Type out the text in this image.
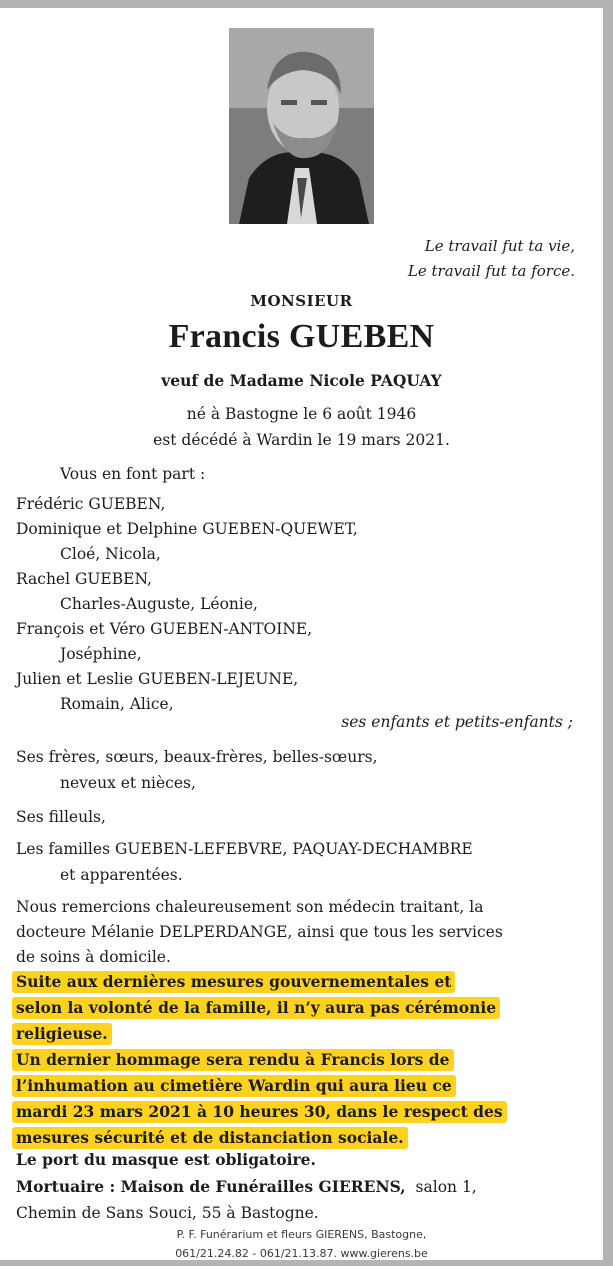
Le travail fut ta vie,
Le travail fut ta force.
MONSIEUR
Francis GUEBEN
veuf de Madame Nicole PAQUAY
né à Bastogne le 6 août 1946
est décédé à Wardin le 19 mars 2021.
Vous en font part :
Frédéric GUEBEN,
Dominique et Delphine GUEBEN-QUEWET,
Cloé, Nicola,
Rachel GUEBEN,
Charles-Auguste, Léonie,
François et Véro GUEBEN-ANTOINE,
Joséphine,
Julien et Leslie GUEBEN-LEJEUNE,
Romain, Alice,
ses enfants et petits-enfants ;
Ses frères, sœurs, beaux-frères, belles-sœurs,
neveux et nièces,
Ses filleuls,
Les familles GUEBEN-LEFEBVRE, PAQUAY-DECHAMBRE
et apparentées.
Nous remercions chaleureusement son médecin traitant, la
docteure Mélanie DELPERDANGE, ainsi que tous les services
de soins à domicile.
Suite aux dernières mesures gouvernementales et
selon la volonté de la famille, il n’y aura pas cérémonie
religieuse.
Un dernier hommage sera rendu à Francis lors de
l’inhumation au cimetière Wardin qui aura lieu ce
mardi 23 mars 2021 à 10 heures 30, dans le respect des
mesures sécurité et de distanciation sociale.
Le port du masque est obligatoire.
Mortuaire : Maison de Funérailles GIERENS, salon 1,
Chemin de Sans Souci, 55 à Bastogne.
P. F. Funérarium et fleurs GIERENS, Bastogne,
061/21.24.82 - 061/21.13.87. www.gierens.be
